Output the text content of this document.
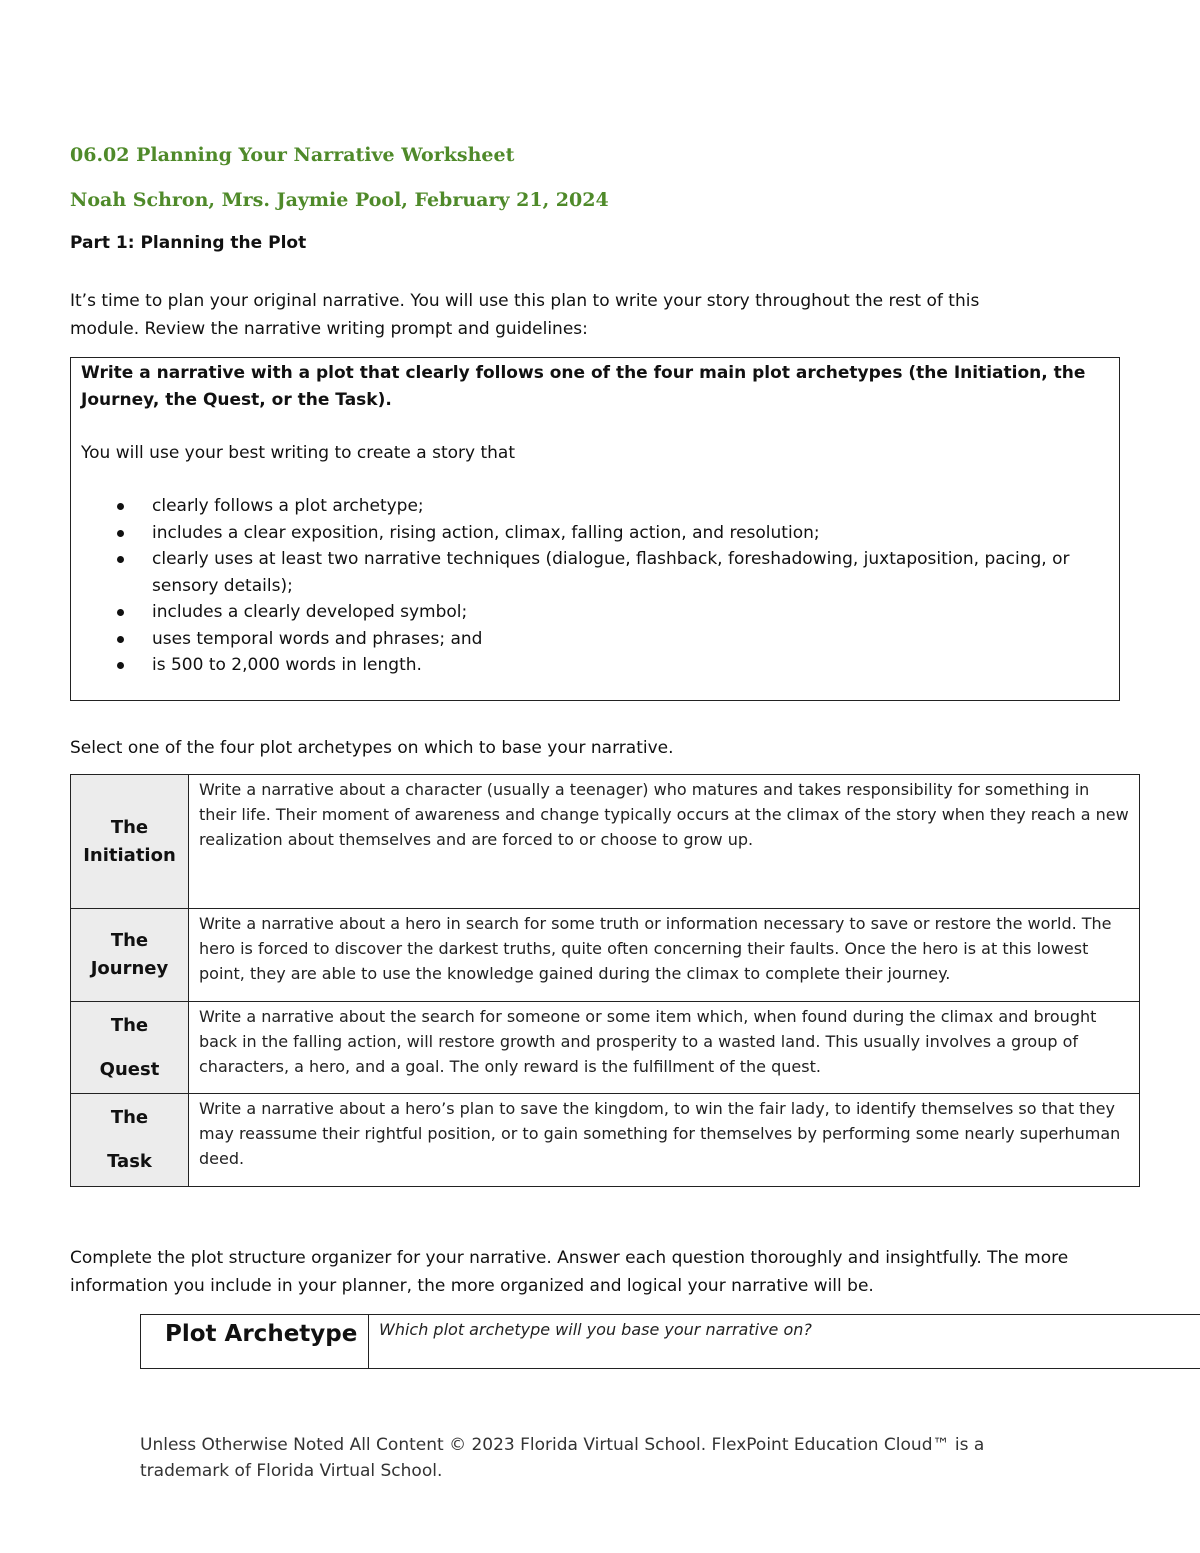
06.02 Planning Your Narrative Worksheet
Noah Schron, Mrs. Jaymie Pool, February 21, 2024

Part 1: Planning the Plot

It’s time to plan your original narrative. You will use this plan to write your story throughout the rest of this
module. Review the narrative writing prompt and guidelines:

Write a narrative with a plot that clearly follows one of the four main plot archetypes (the Initiation, the Journey, the Quest, or the Task).

You will use your best writing to create a story that

clearly follows a plot archetype;
includes a clear exposition, rising action, climax, falling action, and resolution;
clearly uses at least two narrative techniques (dialogue, flashback, foreshadowing, juxtaposition, pacing, or sensory details);
includes a clearly developed symbol;
uses temporal words and phrases; and
is 500 to 2,000 words in length.

Select one of the four plot archetypes on which to base your narrative.

The
Initiation	Write a narrative about a character (usually a teenager) who matures and takes responsibility for something in their life. Their moment of awareness and change typically occurs at the climax of the story when they reach a new realization about themselves and are forced to or choose to grow up.
The
Journey	Write a narrative about a hero in search for some truth or information necessary to save or restore the world. The hero is forced to discover the darkest truths, quite often concerning their faults. Once the hero is at this lowest point, they are able to use the knowledge gained during the climax to complete their journey.
The
Quest	Write a narrative about the search for someone or some item which, when found during the climax and brought back in the falling action, will restore growth and prosperity to a wasted land. This usually involves a group of characters, a hero, and a goal. The only reward is the fulfillment of the quest.
The
Task	Write a narrative about a hero’s plan to save the kingdom, to win the fair lady, to identify themselves so that they may reassume their rightful position, or to gain something for themselves by performing some nearly superhuman deed.

Complete the plot structure organizer for your narrative. Answer each question thoroughly and insightfully. The more
information you include in your planner, the more organized and logical your narrative will be.

Plot Archetype	Which plot archetype will you base your narrative on?

Unless Otherwise Noted All Content © 2023 Florida Virtual School. FlexPoint Education Cloud™ is a
trademark of Florida Virtual School.
